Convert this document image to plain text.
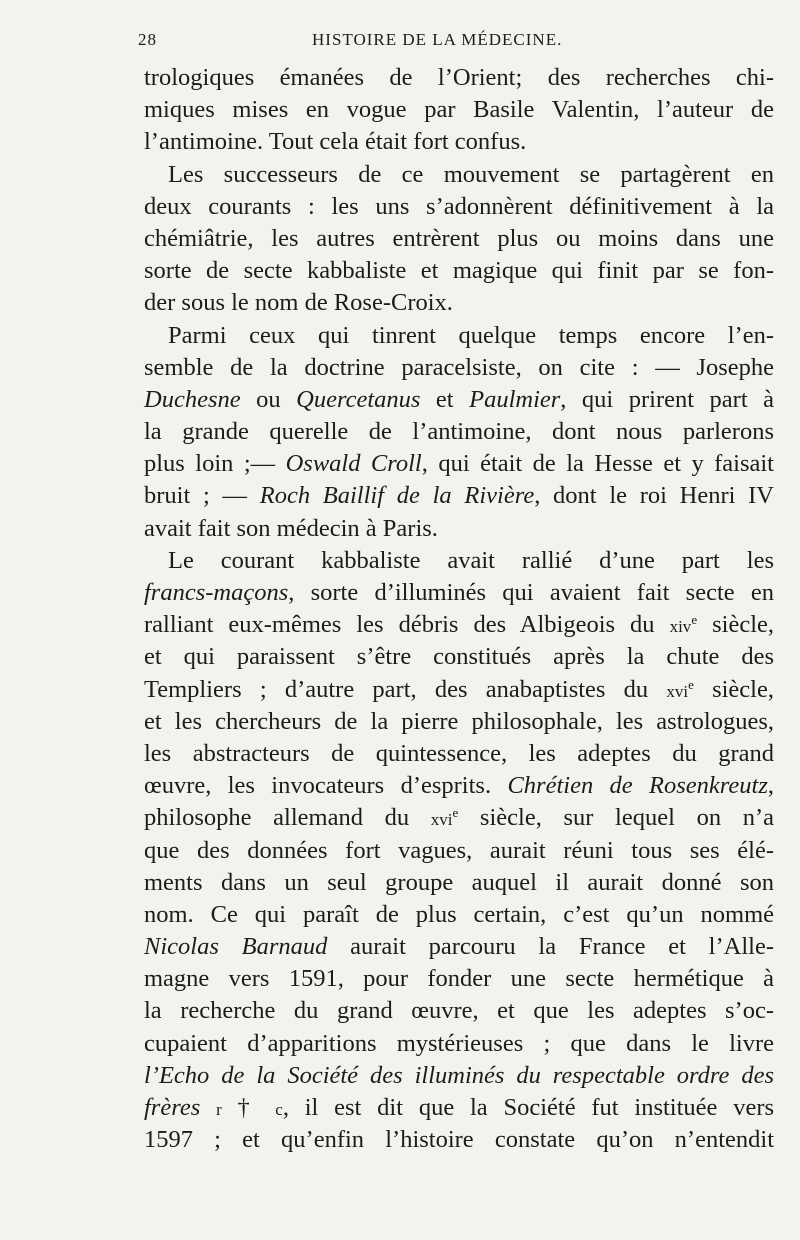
28	HISTOIRE DE LA MÉDECINE.
trologiques émanées de l’Orient; des recherches chi-
miques mises en vogue par Basile Valentin, l’auteur de
l’antimoine. Tout cela était fort confus.
Les successeurs de ce mouvement se partagèrent en
deux courants : les uns s’adonnèrent définitivement à la
chémiâtrie, les autres entrèrent plus ou moins dans une
sorte de secte kabbaliste et magique qui finit par se fon-
der sous le nom de Rose-Croix.
Parmi ceux qui tinrent quelque temps encore l’en-
semble de la doctrine paracelsiste, on cite : — Josephe
Duchesne ou Quercetanus et Paulmier, qui prirent part à
la grande querelle de l’antimoine, dont nous parlerons
plus loin ;— Oswald Croll, qui était de la Hesse et y faisait
bruit ; — Roch Baillif de la Rivière, dont le roi Henri IV
avait fait son médecin à Paris.
Le courant kabbaliste avait rallié d’une part les
francs-maçons, sorte d’illuminés qui avaient fait secte en
ralliant eux-mêmes les débris des Albigeois du xiv$^e$ siècle,
et qui paraissent s’être constitués après la chute des
Templiers ; d’autre part, des anabaptistes du xvi$^e$ siècle,
et les chercheurs de la pierre philosophale, les astrologues,
les abstracteurs de quintessence, les adeptes du grand
œuvre, les invocateurs d’esprits. Chrétien de Rosenkreutz,
philosophe allemand du xvi$^e$ siècle, sur lequel on n’a
que des données fort vagues, aurait réuni tous ses élé-
ments dans un seul groupe auquel il aurait donné son
nom. Ce qui paraît de plus certain, c’est qu’un nommé
Nicolas Barnaud aurait parcouru la France et l’Alle-
magne vers 1591, pour fonder une secte hermétique à
la recherche du grand œuvre, et que les adeptes s’oc-
cupaient d’apparitions mystérieuses ; que dans le livre
l’Echo de la Société des illuminés du respectable ordre des
frères r † c, il est dit que la Société fut instituée vers
1597 ; et qu’enfin l’histoire constate qu’on n’entendit
